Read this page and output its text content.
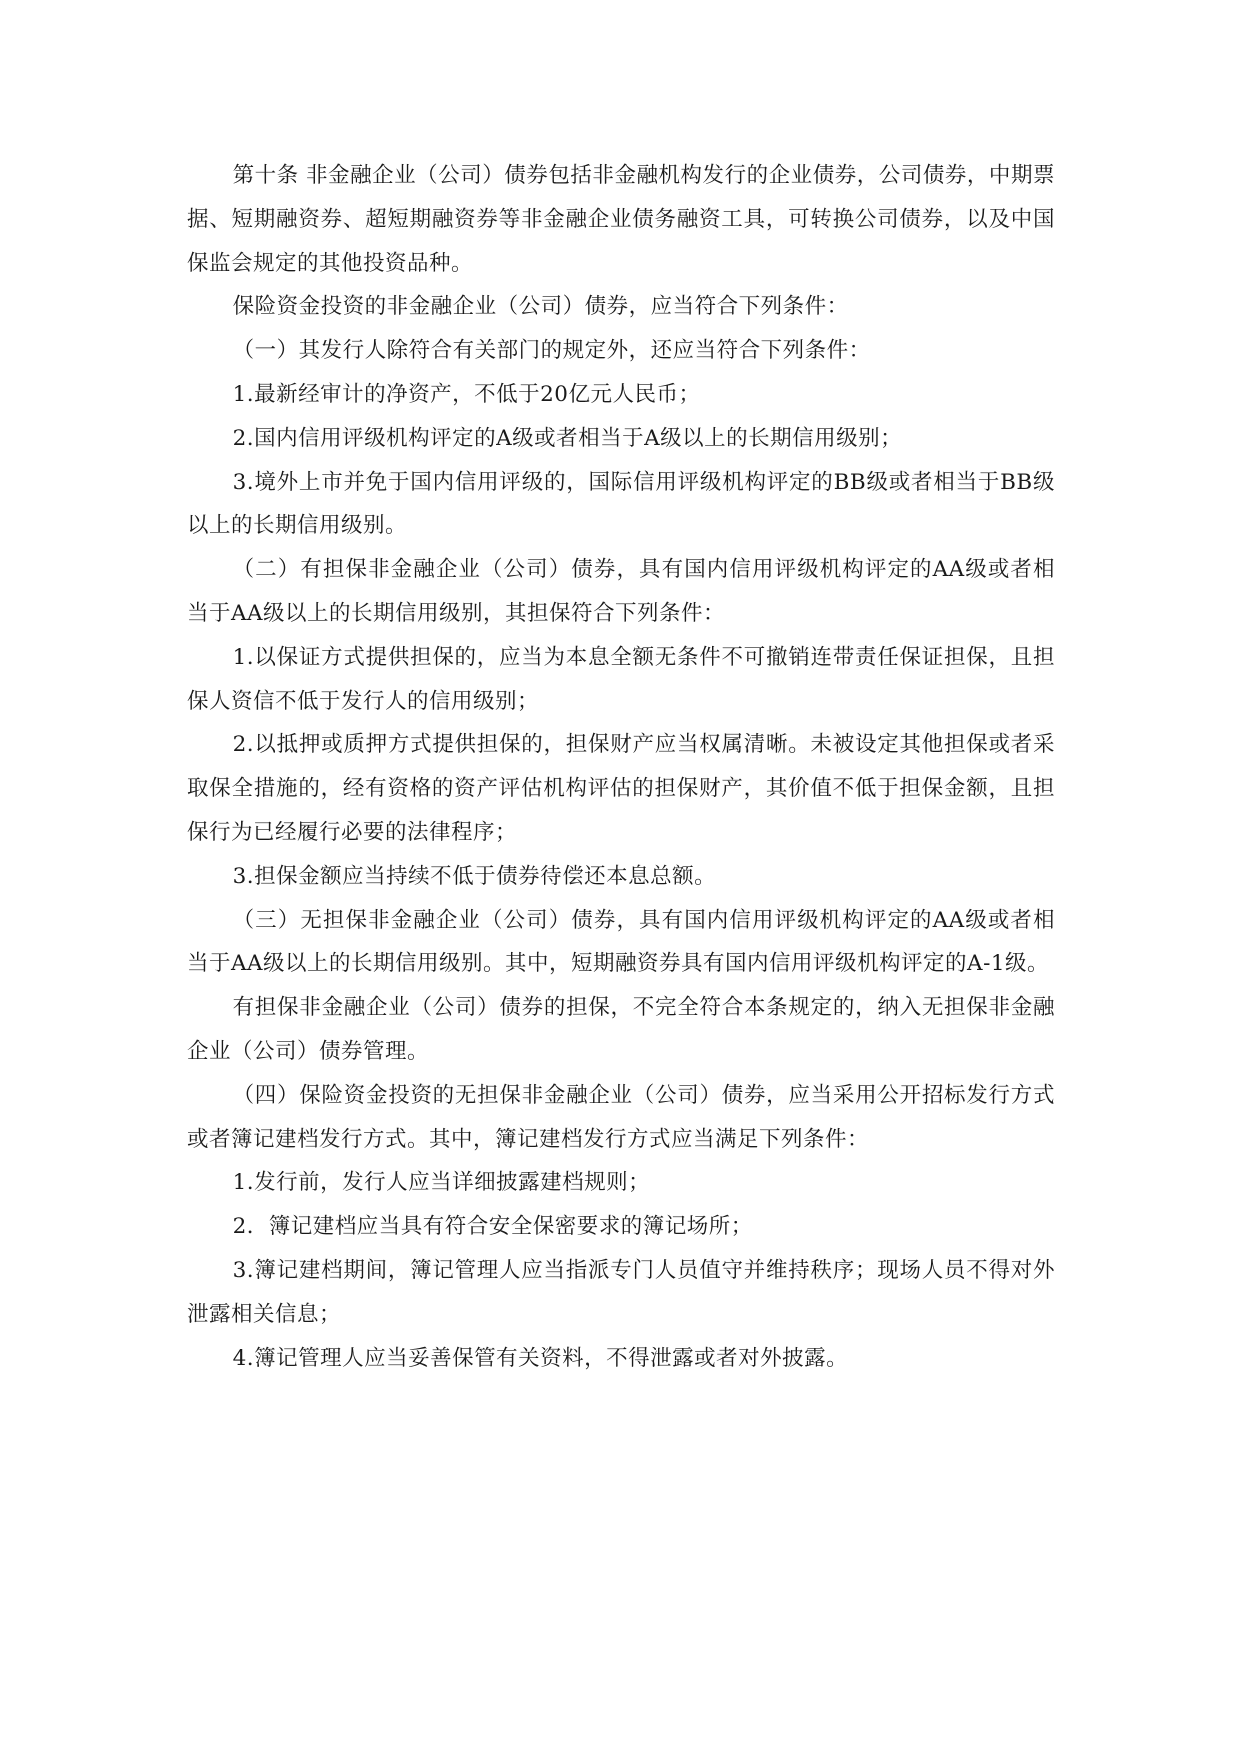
第十条 非金融企业（公司）债券包括非金融机构发行的企业债券，公司债券，中期票据、短期融资券、超短期融资券等非金融企业债务融资工具，可转换公司债券，以及中国保监会规定的其他投资品种。

保险资金投资的非金融企业（公司）债券，应当符合下列条件：

（一）其发行人除符合有关部门的规定外，还应当符合下列条件：

1.最新经审计的净资产，不低于20亿元人民币；

2.国内信用评级机构评定的A级或者相当于A级以上的长期信用级别；

3.境外上市并免于国内信用评级的，国际信用评级机构评定的BB级或者相当于BB级以上的长期信用级别。

（二）有担保非金融企业（公司）债券，具有国内信用评级机构评定的AA级或者相当于AA级以上的长期信用级别，其担保符合下列条件：

1.以保证方式提供担保的，应当为本息全额无条件不可撤销连带责任保证担保，且担保人资信不低于发行人的信用级别；

2.以抵押或质押方式提供担保的，担保财产应当权属清晰。未被设定其他担保或者采取保全措施的，经有资格的资产评估机构评估的担保财产，其价值不低于担保金额，且担保行为已经履行必要的法律程序；

3.担保金额应当持续不低于债券待偿还本息总额。

（三）无担保非金融企业（公司）债券，具有国内信用评级机构评定的AA级或者相当于AA级以上的长期信用级别。其中，短期融资券具有国内信用评级机构评定的A-1级。

有担保非金融企业（公司）债券的担保，不完全符合本条规定的，纳入无担保非金融企业（公司）债券管理。

（四）保险资金投资的无担保非金融企业（公司）债券，应当采用公开招标发行方式或者簿记建档发行方式。其中，簿记建档发行方式应当满足下列条件：

1.发行前，发行人应当详细披露建档规则；

2．簿记建档应当具有符合安全保密要求的簿记场所；

3.簿记建档期间，簿记管理人应当指派专门人员值守并维持秩序；现场人员不得对外泄露相关信息；

4.簿记管理人应当妥善保管有关资料，不得泄露或者对外披露。
